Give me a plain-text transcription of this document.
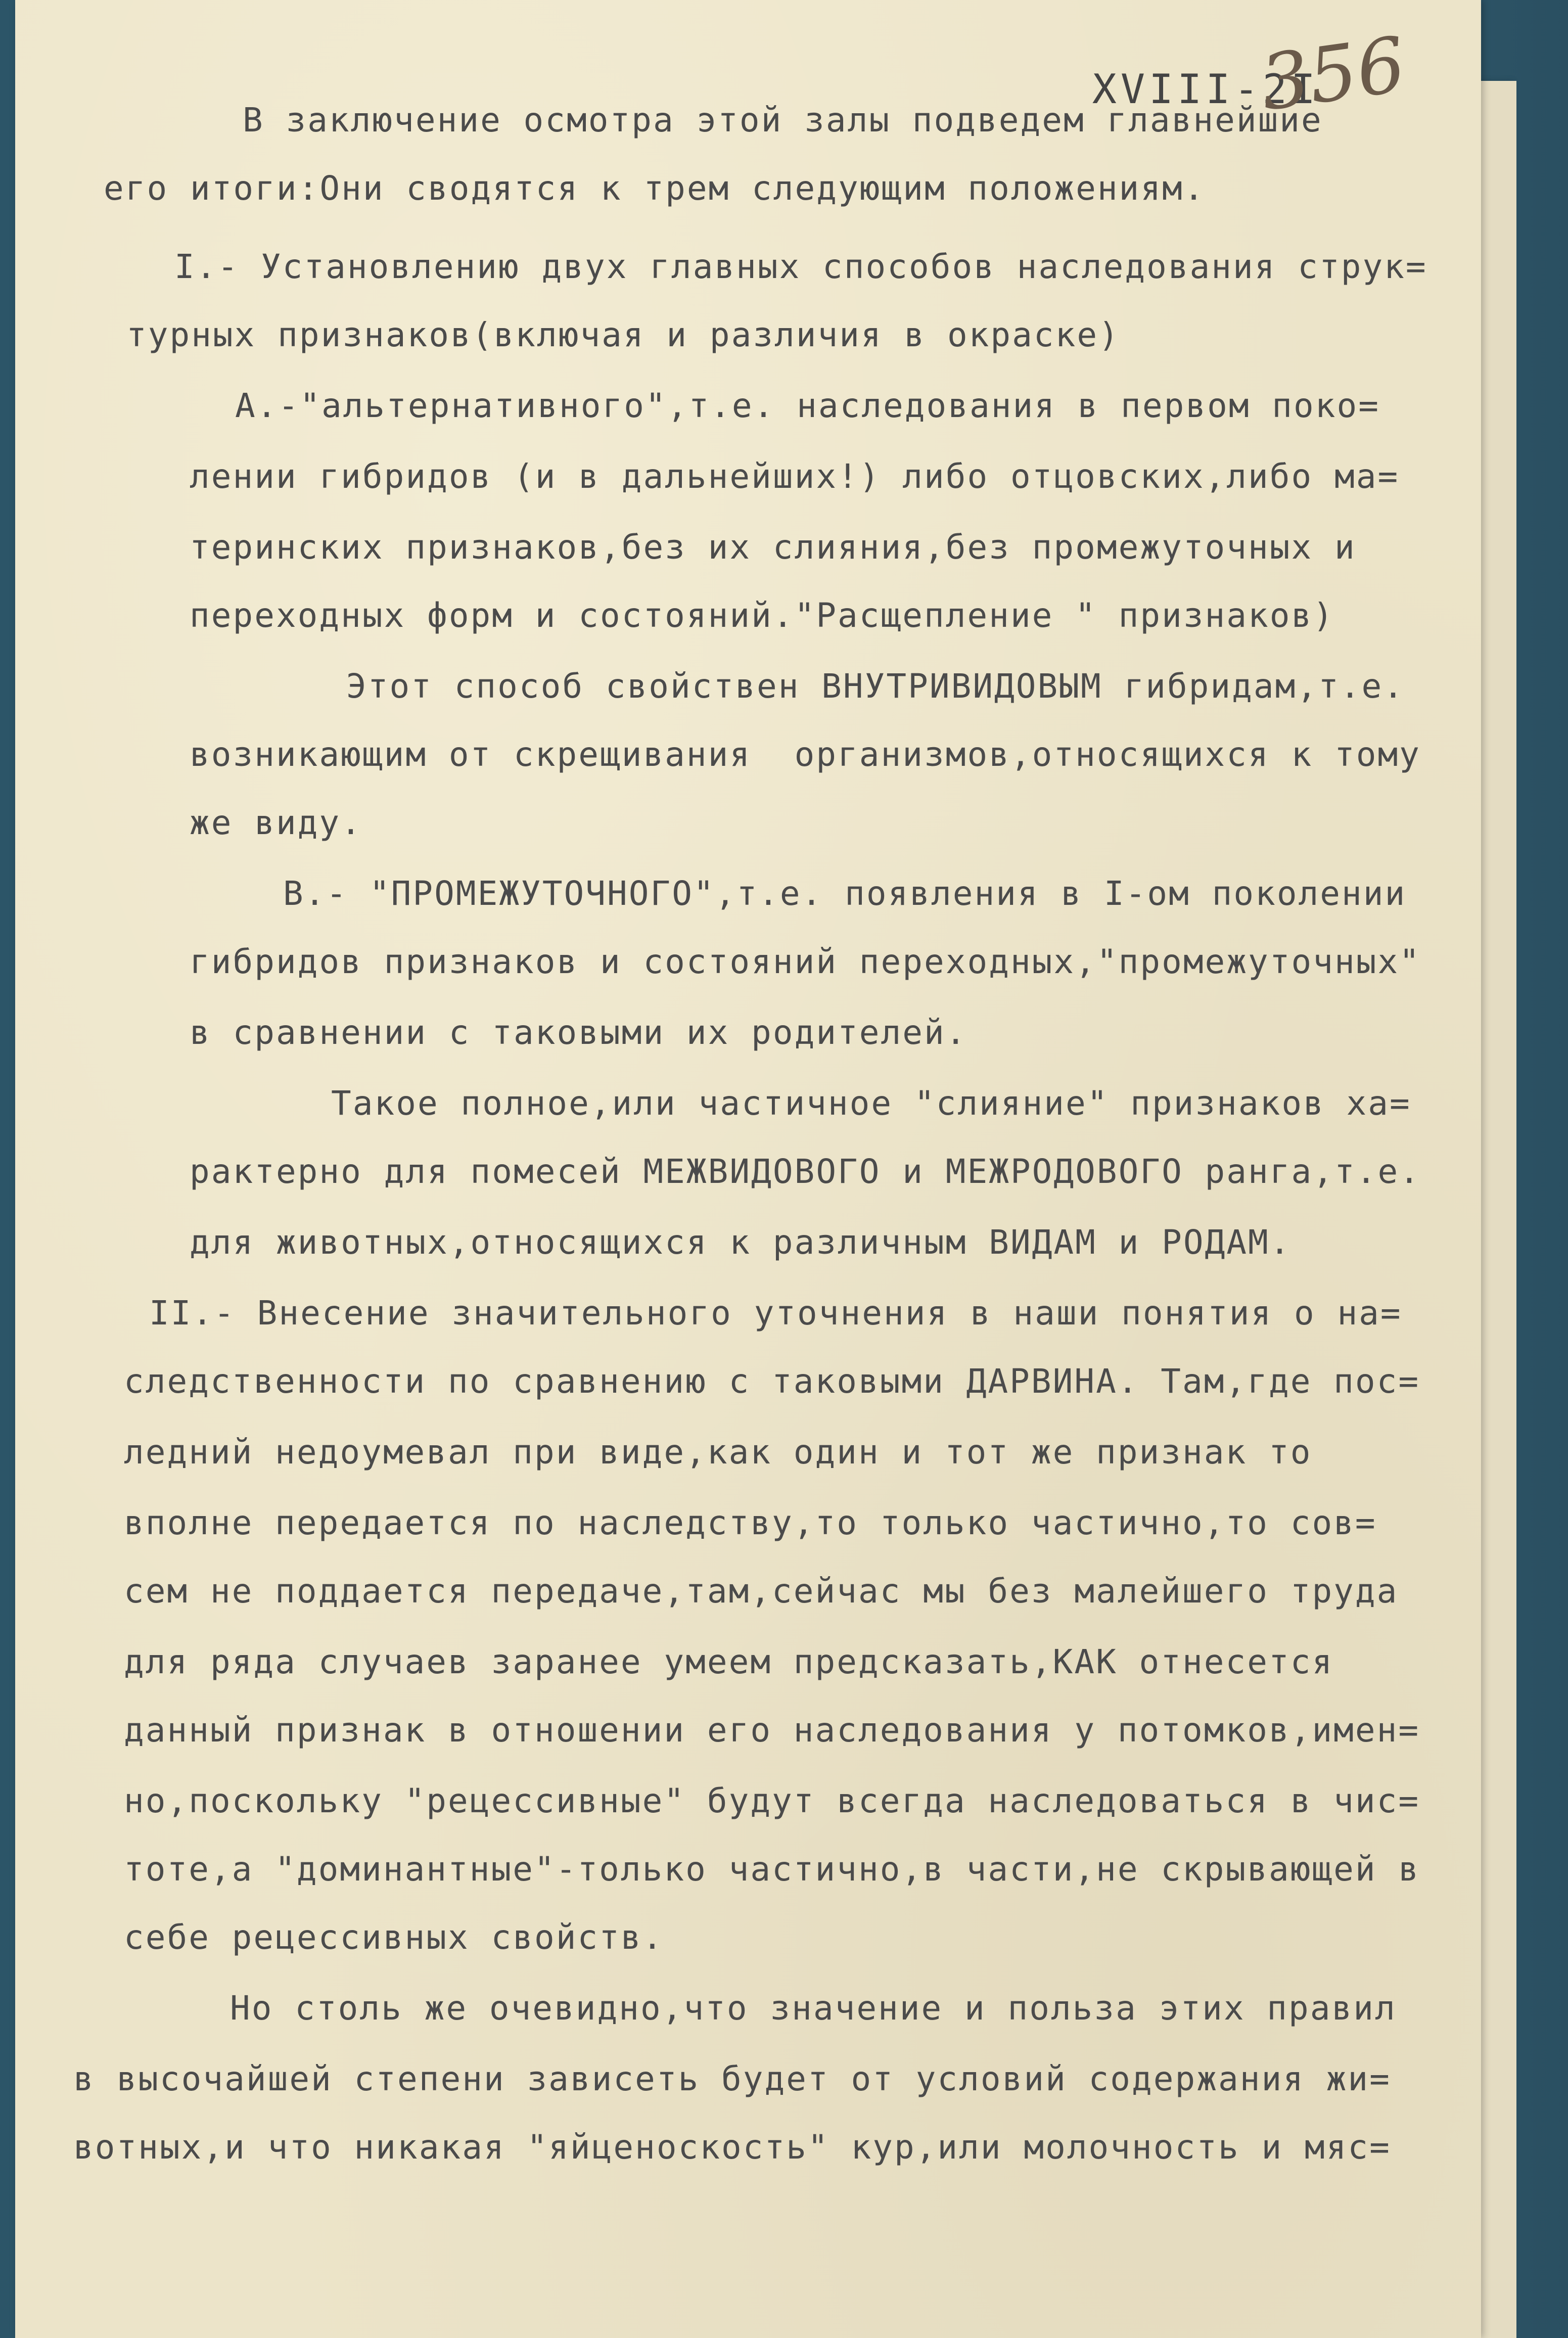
XVIII-2I
356
В заключение осмотра этой залы подведем главнейшие
его итоги:Они сводятся к трем следующим положениям.
I.- Установлению двух главных способов наследования струк=
турных признаков(включая и различия в окраске)
А.-"альтернативного",т.е. наследования в первом поко=
лении гибридов (и в дальнейших!) либо отцовских,либо ма=
теринских признаков,без их слияния,без промежуточных и
переходных форм и состояний."Расщепление " признаков)
Этот способ свойствен ВНУТРИВИДОВЫМ гибридам,т.е.
возникающим от скрещивания  организмов,относящихся к тому
же виду.
В.- "ПРОМЕЖУТОЧНОГО",т.е. появления в I-ом поколении
гибридов признаков и состояний переходных,"промежуточных"
в сравнении с таковыми их родителей.
Такое полное,или частичное "слияние" признаков ха=
рактерно для помесей МЕЖВИДОВОГО и МЕЖРОДОВОГО ранга,т.е.
для животных,относящихся к различным ВИДАМ и РОДАМ.
II.- Внесение значительного уточнения в наши понятия о на=
следственности по сравнению с таковыми ДАРВИНА. Там,где пос=
ледний недоумевал при виде,как один и тот же признак то
вполне передается по наследству,то только частично,то сов=
сем не поддается передаче,там,сейчас мы без малейшего труда
для ряда случаев заранее умеем предсказать,КАК отнесется
данный признак в отношении его наследования у потомков,имен=
но,поскольку "рецессивные" будут всегда наследоваться в чис=
тоте,а "доминантные"-только частично,в части,не скрывающей в
себе рецессивных свойств.
Но столь же очевидно,что значение и польза этих правил
в высочайшей степени зависеть будет от условий содержания жи=
вотных,и что никакая "яйценоскость" кур,или молочность и мяс=
